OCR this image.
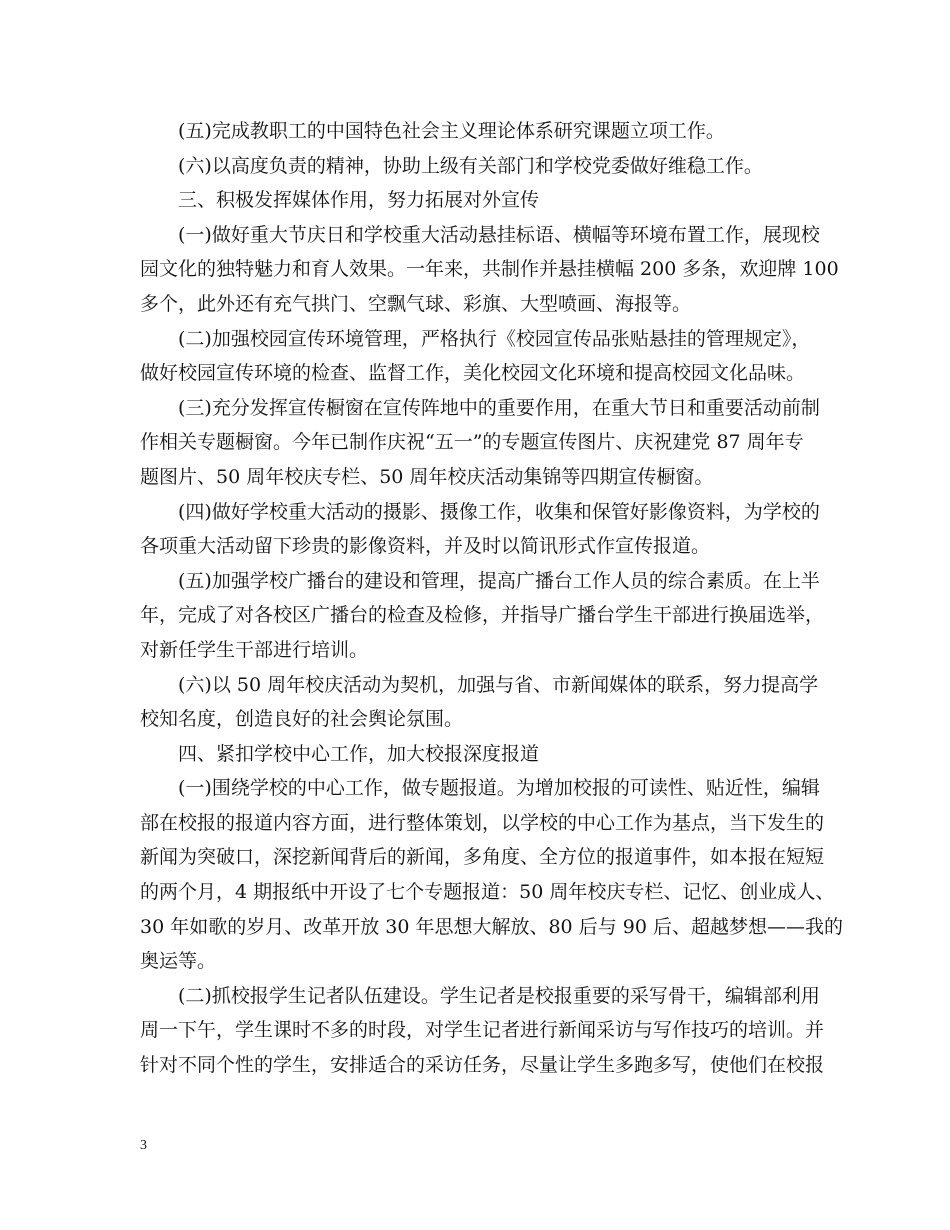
(五)完成教职工的中国特色社会主义理论体系研究课题立项工作。
(六)以高度负责的精神，协助上级有关部门和学校党委做好维稳工作。
三、积极发挥媒体作用，努力拓展对外宣传
(一)做好重大节庆日和学校重大活动悬挂标语、横幅等环境布置工作，展现校
园文化的独特魅力和育人效果。一年来，共制作并悬挂横幅 200 多条，欢迎牌 100
多个，此外还有充气拱门、空飘气球、彩旗、大型喷画、海报等。
(二)加强校园宣传环境管理，严格执行《校园宣传品张贴悬挂的管理规定》，
做好校园宣传环境的检查、监督工作，美化校园文化环境和提高校园文化品味。
(三)充分发挥宣传橱窗在宣传阵地中的重要作用，在重大节日和重要活动前制
作相关专题橱窗。今年已制作庆祝“五一”的专题宣传图片、庆祝建党 87 周年专
题图片、50 周年校庆专栏、50 周年校庆活动集锦等四期宣传橱窗。
(四)做好学校重大活动的摄影、摄像工作，收集和保管好影像资料，为学校的
各项重大活动留下珍贵的影像资料，并及时以简讯形式作宣传报道。
(五)加强学校广播台的建设和管理，提高广播台工作人员的综合素质。在上半
年，完成了对各校区广播台的检查及检修，并指导广播台学生干部进行换届选举，
对新任学生干部进行培训。
(六)以 50 周年校庆活动为契机，加强与省、市新闻媒体的联系，努力提高学
校知名度，创造良好的社会舆论氛围。
四、紧扣学校中心工作，加大校报深度报道
(一)围绕学校的中心工作，做专题报道。为增加校报的可读性、贴近性，编辑
部在校报的报道内容方面，进行整体策划，以学校的中心工作为基点，当下发生的
新闻为突破口，深挖新闻背后的新闻，多角度、全方位的报道事件，如本报在短短
的两个月，4 期报纸中开设了七个专题报道：50 周年校庆专栏、记忆、创业成人、
30 年如歌的岁月、改革开放 30 年思想大解放、80 后与 90 后、超越梦想——我的
奥运等。
(二)抓校报学生记者队伍建设。学生记者是校报重要的采写骨干，编辑部利用
周一下午，学生课时不多的时段，对学生记者进行新闻采访与写作技巧的培训。并
针对不同个性的学生，安排适合的采访任务，尽量让学生多跑多写，使他们在校报
3
